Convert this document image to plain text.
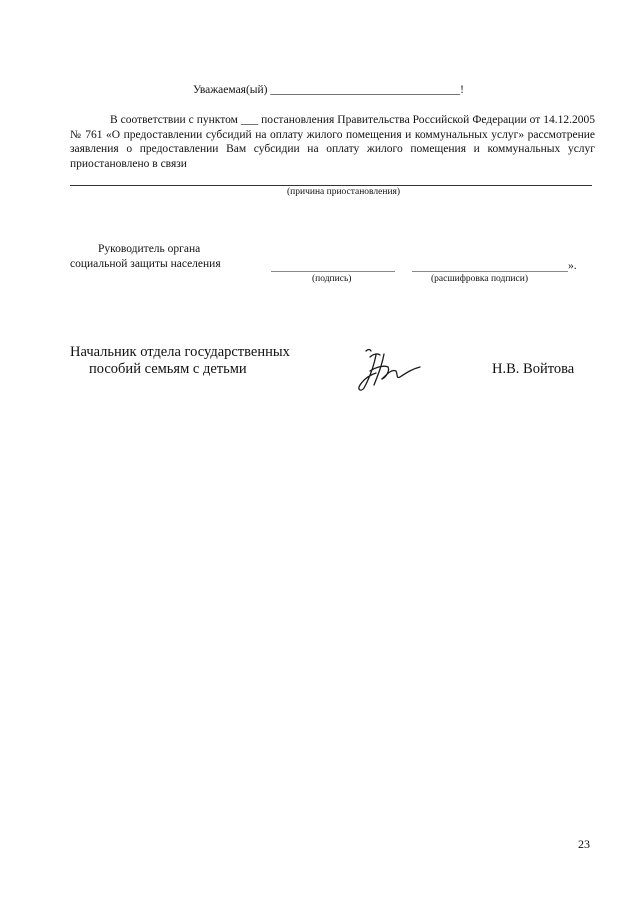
Уважаемая(ый) _________________________________!
В соответствии с пунктом ___ постановления Правительства Российской Федерации от 14.12.2005 № 761 «О предоставлении субсидий на оплату жилого помещения и коммунальных услуг» рассмотрение заявления о предоставлении Вам субсидии на оплату жилого помещения и коммунальных услуг приостановлено в связи
(причина приостановления)
Руководитель органа
социальной защиты населения
(подпись)
».
(расшифровка подписи)
Начальник отдела государственных
пособий семьям с детьми	Н.В. Войтова
23
